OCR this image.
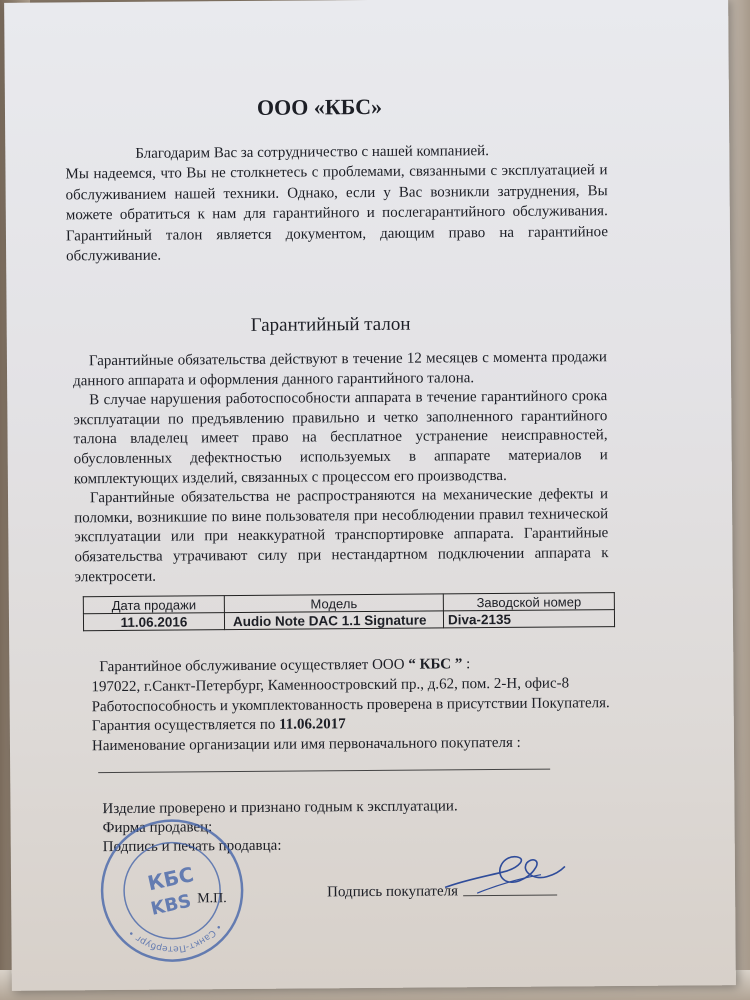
ООО «КБС»
Благодарим Вас за сотрудничество с нашей компанией.
Мы надеемся, что Вы не столкнетесь с проблемами, связанными с эксплуатацией и обслуживанием нашей техники. Однако, если у Вас возникли затруднения, Вы можете обратиться к нам для гарантийного и послегарантийного обслуживания. Гарантийный талон является документом, дающим право на гарантийное обслуживание.
Гарантийный талон

Гарантийные обязательства действуют в течение 12 месяцев с момента продажи данного аппарата и оформления данного гарантийного талона.

В случае нарушения работоспособности аппарата в течение гарантийного срока эксплуатации по предъявлению правильно и четко заполненного гарантийного талона владелец имеет право на бесплатное устранение неисправностей, обусловленных дефектностью используемых в аппарате материалов и комплектующих изделий, связанных с процессом его производства.

Гарантийные обязательства не распространяются на механические дефекты и поломки, возникшие по вине пользователя при несоблюдении правил технической эксплуатации или при неаккуратной транспортировке аппарата. Гарантийные обязательства утрачивают силу при нестандартном подключении аппарата к электросети.

Дата продажи	Модель	Заводской номер
11.06.2016	Audio Note DAC 1.1 Signature	Diva-2135

Гарантийное обслуживание осуществляет ООО “ КБС ” :

197022, г.Санкт-Петербург, Каменноостровский пр., д.62, пом. 2-Н, офис-8

Работоспособность и укомплектованность проверена в присутствии Покупателя.

Гарантия осуществляется по 11.06.2017

Наименование организации или имя первоначального покупателя :

Изделие проверено и признано годным к эксплуатации.

Фирма продавец:

Подпись и печать продавца:

• Санкт-Петербург •
КБС
KBS М.П.	Подпись покупателя
